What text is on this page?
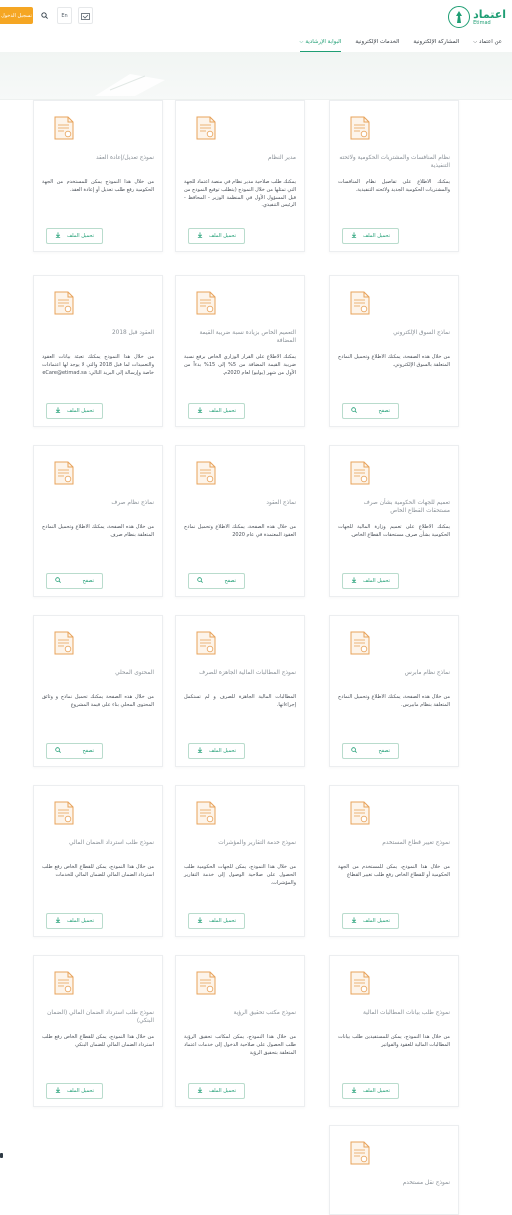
اعتماد
Etimad
En
تسجيل الدخول
عن اعتماد
⌵
المشاركة الإلكترونية
الخدمات الإلكترونية
البوابة الإرشادية
⌵
نظام المنافسات والمشتريات الحكومية ولائحته التنفيذية
يمكنك الاطلاع على تفاصيل نظام المنافسات والمشتريات الحكومية الجديد ولائحته التنفيذية.
تحميل الملف
مدير النظام
يمكنك طلب صلاحية مدير نظام في منصة اعتماد للجهة التي تمثلها من خلال النموذج (يتطلب توقيع النموذج من قبل المسؤول الأول في المنظمة الوزير - المحافظ - الرئيس التنفيذي.
تحميل الملف
نموذج تعديل/إعادة العقد
من خلال هذا النموذج يمكن للمستخدم من الجهة الحكومية رفع طلب تعديل أو إعادة العقد.
تحميل الملف
نماذج السوق الإلكتروني
من خلال هذه الصفحة، يمكنك الاطلاع وتحميل النماذج المتعلقة بالسوق الإلكتروني.
تصفح
التعميم الخاص بزيادة نسبة ضريبة القيمة المضافة
يمكنك الاطلاع على القرار الوزاري الخاص برفع نسبة ضريبة القيمة المضافة من 5% إلى 15% بدءاً من الأول من شهر (يوليو) لعام 2020م.
تحميل الملف
العقود قبل 2018
من خلال هذا النموذج يمكنك تعبئة بيانات العقود والتعميدات لما قبل 2018 والتي لا يوجد لها اعتمادات خاصة وإرسالة إلى البريد التالي: eCare@etimad.sa
تحميل الملف
تعميم للجهات الحكومية بشأن صرف مستحقات القطاع الخاص
يمكنك الاطلاع على تعميم وزارة المالية للجهات الحكومية بشأن صرف مستحقات القطاع الخاص.
تحميل الملف
نماذج العقود
من خلال هذه الصفحة، يمكنك الاطلاع وتحميل نماذج العقود المعتمدة في عام 2020
تصفح
نماذج نظام صرف
من خلال هذه الصفحة، يمكنك الاطلاع وتحميل النماذج المتعلقة بنظام صرف
تصفح
نماذج نظام مابرس
من خلال هذه الصفحة، يمكنك الاطلاع وتحميل النماذج المتعلقة بنظام مابيرس.
تصفح
نموذج المطالبات المالية الجاهزة للصرف
المطالبات المالية الجاهزة للصرف و لم تستكمل إجراءاتها.
تحميل الملف
المحتوى المحلي
من خلال هذه الصفحة يمكنك تحميل نماذج و وثائق المحتوى المحلي بناء على قيمة المشروع
تصفح
نموذج تغيير قطاع المستخدم
من خلال هذا النموذج، يمكن للمستخدم من الجهة الحكومية أو للقطاع الخاص رفع طلب تغيير القطاع
تحميل الملف
نموذج خدمة التقارير والمؤشرات
من خلال هذا النموذج، يمكن للجهات الحكومية طلب الحصول على صلاحية الوصول إلى خدمة التقارير والمؤشرات.
تحميل الملف
نموذج طلب استرداد الضمان المالي
من خلال هذا النموذج، يمكن للقطاع الخاص رفع طلب استرداد الضمان المالي للضمان المالي للخدمات
تحميل الملف
نموذج طلب بيانات المطالبات المالية
من خلال هذا النموذج، يمكن للمستفيدين طلب بيانات المطالبات المالية للعقود والفواتير
تحميل الملف
نموذج مكتب تحقيق الرؤية
من خلال هذا النموذج، يمكن لمكاتب تحقيق الرؤية طلب الحصول على صلاحية الدخول إلى خدمات اعتماد المتعلقة بتحقيق الرؤية
تحميل الملف
نموذج طلب استرداد الضمان المالي (الضمان البنكي)
من خلال هذا النموذج، يمكن للقطاع الخاص رفع طلب استرداد الضمان المالي للضمان البنكي
تحميل الملف
نموذج نقل مستخدم
